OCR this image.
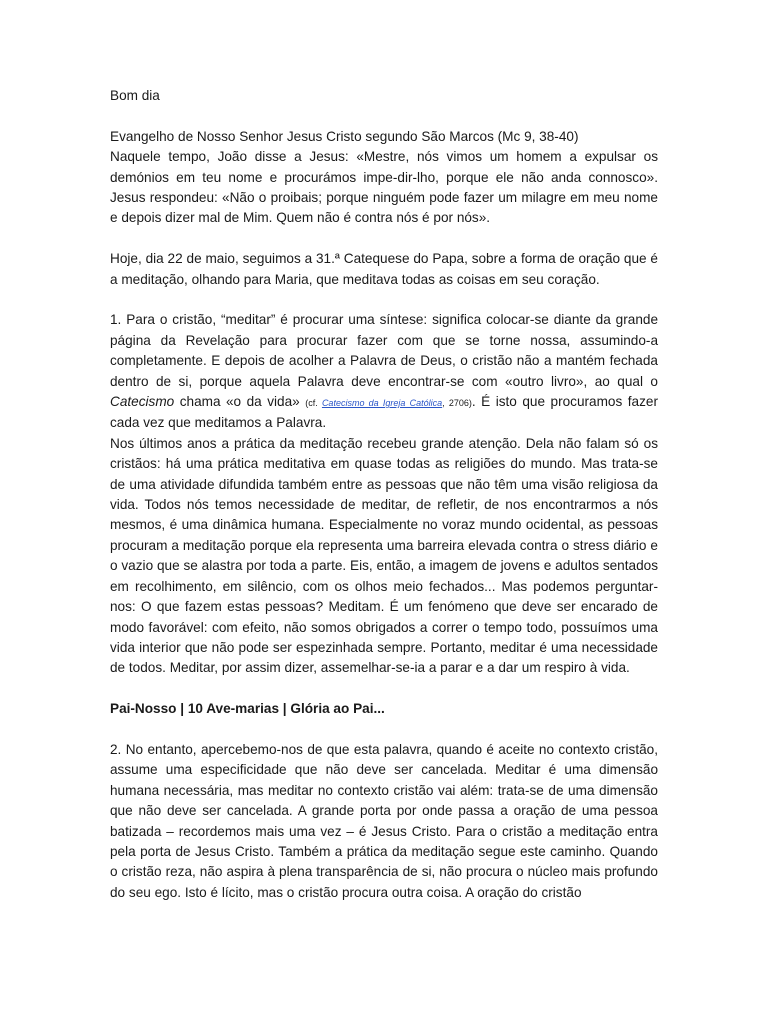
Bom dia

Evangelho de Nosso Senhor Jesus Cristo segundo São Marcos (Mc 9, 38-40)

Naquele tempo, João disse a Jesus: «Mestre, nós vimos um homem a expulsar os demónios em teu nome e procurámos impe-dir-lho, porque ele não anda connosco». Jesus respondeu: «Não o proibais; porque ninguém pode fazer um milagre em meu nome e depois dizer mal de Mim. Quem não é contra nós é por nós».

Hoje, dia 22 de maio, seguimos a 31.ª Catequese do Papa, sobre a forma de oração que é a meditação, olhando para Maria, que meditava todas as coisas em seu coração.

1. Para o cristão, “meditar” é procurar uma síntese: significa colocar-se diante da grande página da Revelação para procurar fazer com que se torne nossa, assumindo-a completamente. E depois de acolher a Palavra de Deus, o cristão não a mantém fechada dentro de si, porque aquela Palavra deve encontrar-se com «outro livro», ao qual o Catecismo chama «o da vida» (cf. Catecismo da Igreja Católica, 2706). É isto que procuramos fazer cada vez que meditamos a Palavra.

Nos últimos anos a prática da meditação recebeu grande atenção. Dela não falam só os cristãos: há uma prática meditativa em quase todas as religiões do mundo. Mas trata-se de uma atividade difundida também entre as pessoas que não têm uma visão religiosa da vida. Todos nós temos necessidade de meditar, de refletir, de nos encontrarmos a nós mesmos, é uma dinâmica humana. Especialmente no voraz mundo ocidental, as pessoas procuram a meditação porque ela representa uma barreira elevada contra o stress diário e o vazio que se alastra por toda a parte. Eis, então, a imagem de jovens e adultos sentados em recolhimento, em silêncio, com os olhos meio fechados... Mas podemos perguntar-nos: O que fazem estas pessoas? Meditam. É um fenómeno que deve ser encarado de modo favorável: com efeito, não somos obrigados a correr o tempo todo, possuímos uma vida interior que não pode ser espezinhada sempre. Portanto, meditar é uma necessidade de todos. Meditar, por assim dizer, assemelhar-se-ia a parar e a dar um respiro à vida.

Pai-Nosso | 10 Ave-marias | Glória ao Pai...

2. No entanto, apercebemo-nos de que esta palavra, quando é aceite no contexto cristão, assume uma especificidade que não deve ser cancelada. Meditar é uma dimensão humana necessária, mas meditar no contexto cristão vai além: trata-se de uma dimensão que não deve ser cancelada. A grande porta por onde passa a oração de uma pessoa batizada – recordemos mais uma vez – é Jesus Cristo. Para o cristão a meditação entra pela porta de Jesus Cristo. Também a prática da meditação segue este caminho. Quando o cristão reza, não aspira à plena transparência de si, não procura o núcleo mais profundo do seu ego. Isto é lícito, mas o cristão procura outra coisa. A oração do cristão
